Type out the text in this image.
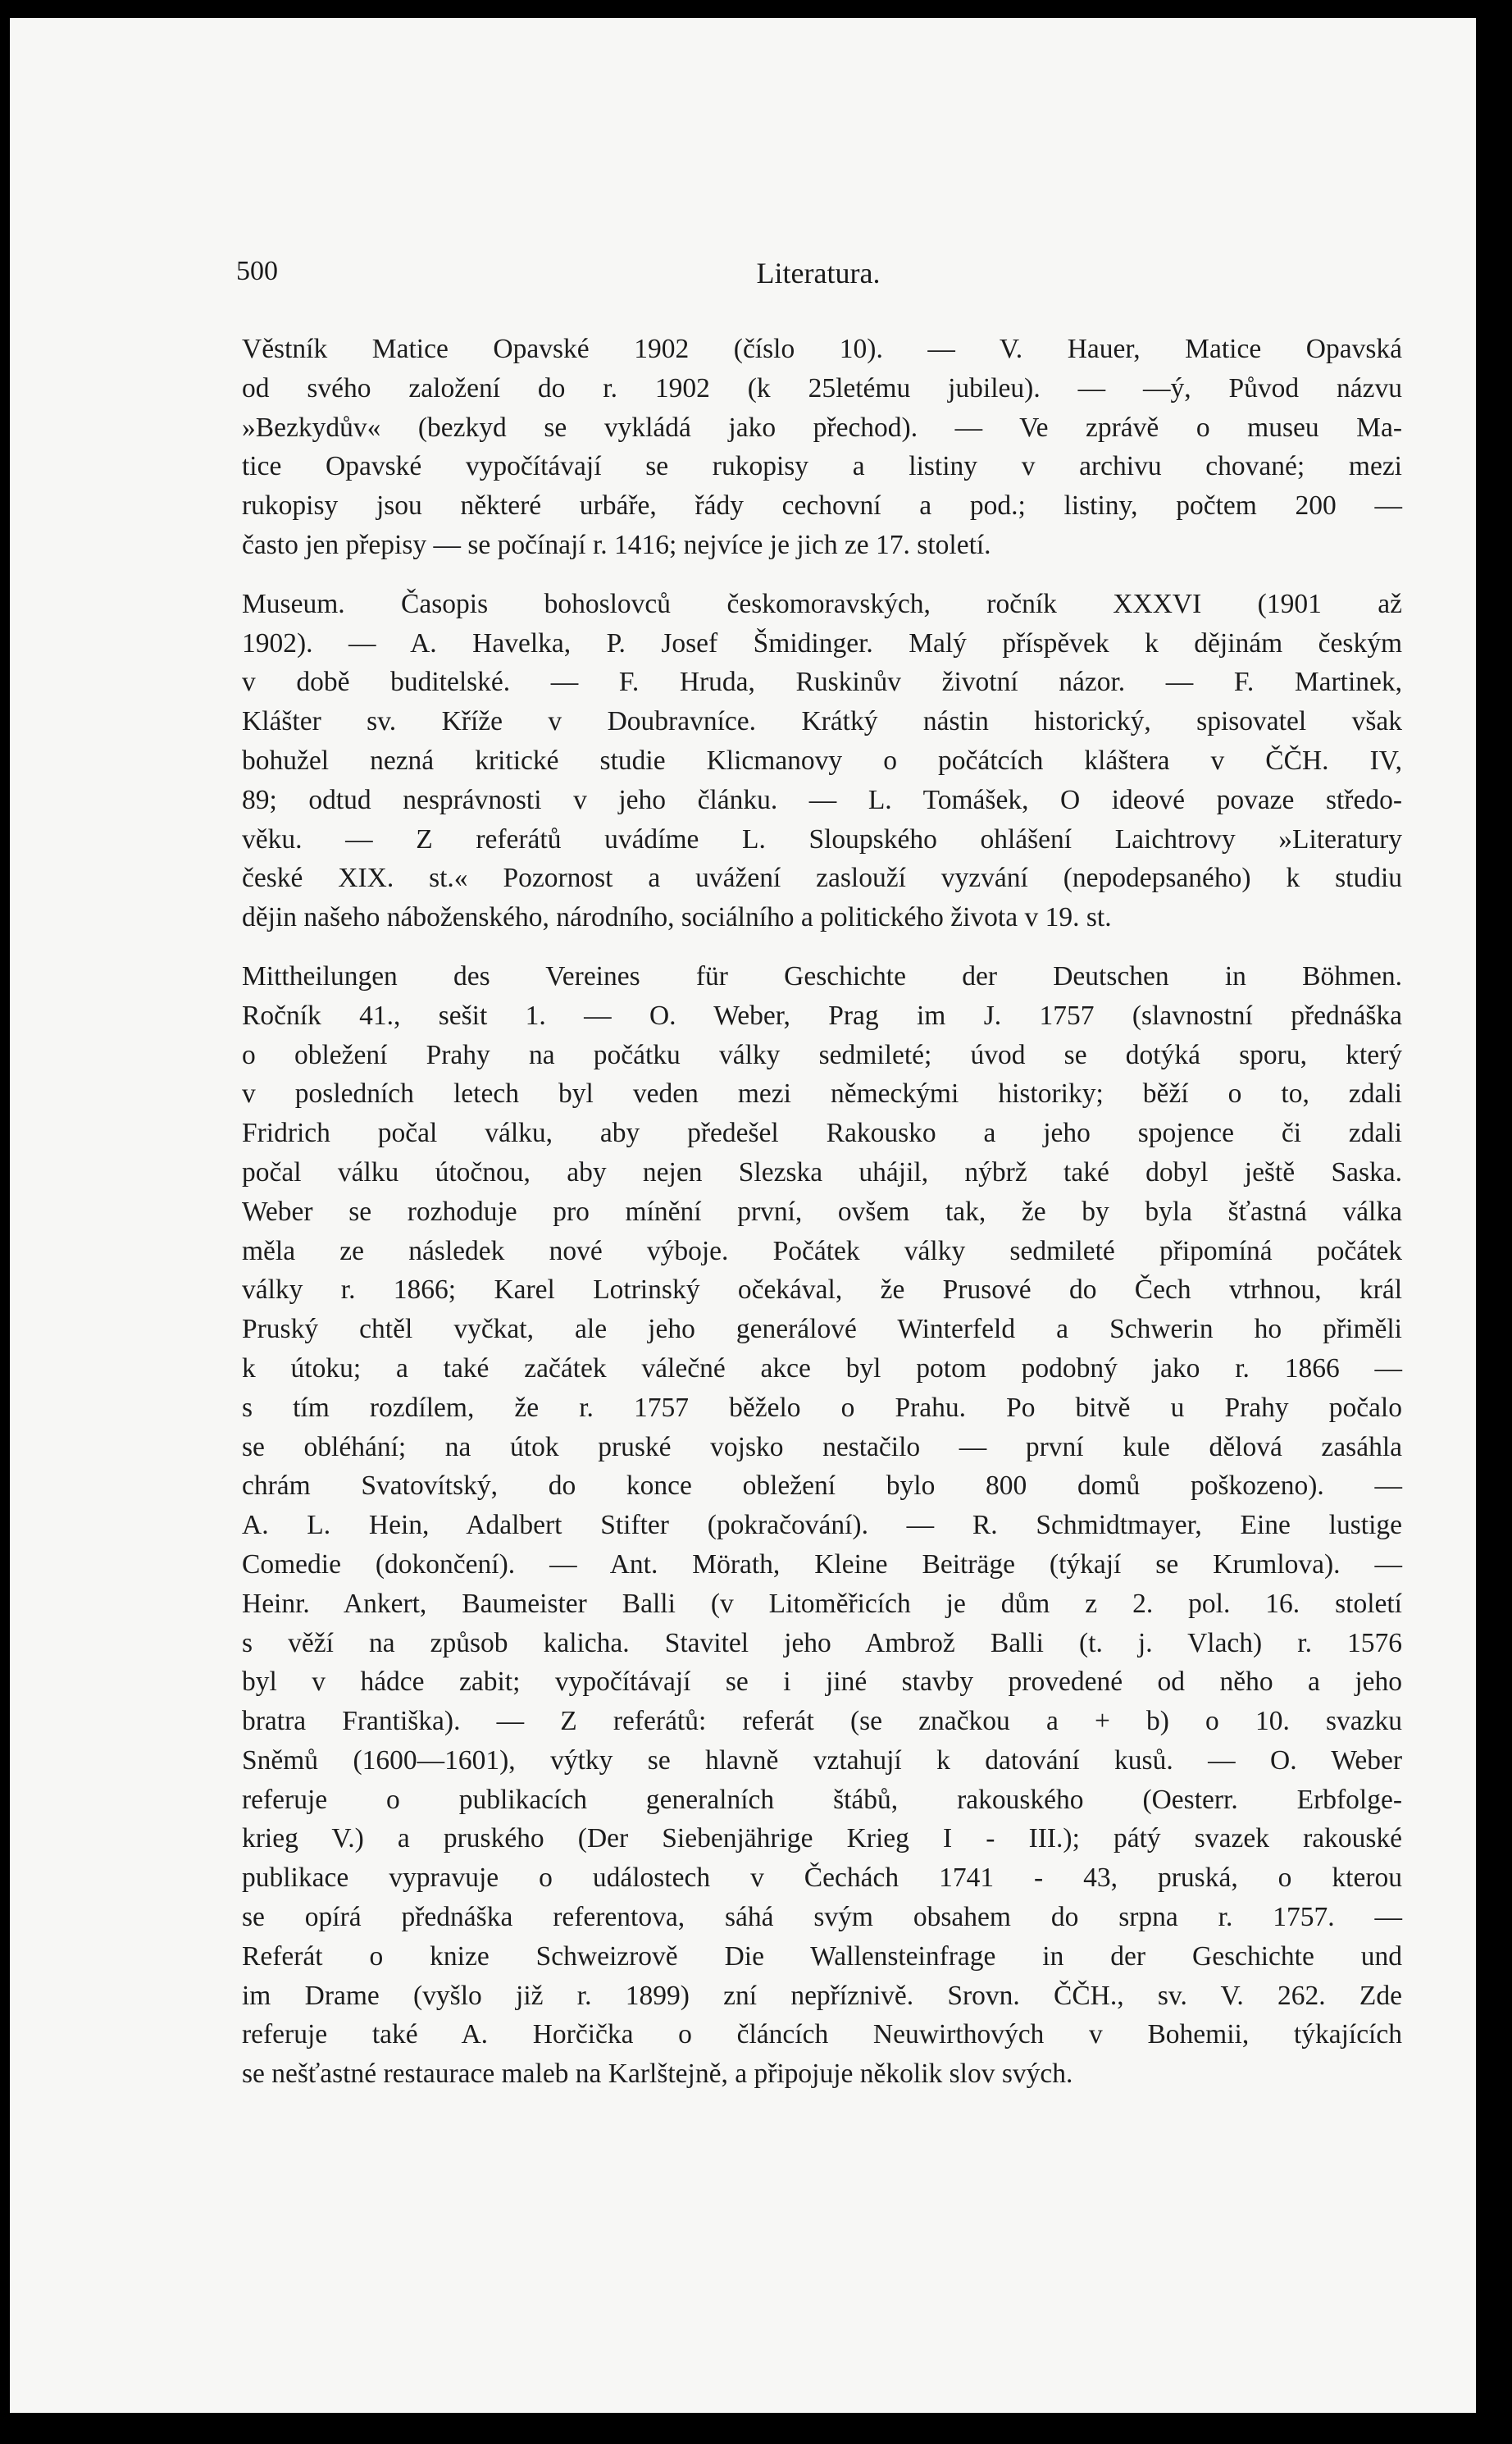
500	Literatura.
Věstník Matice Opavské 1902 (číslo 10). — V. Hauer, Matice Opavská
od svého založení do r. 1902 (k 25letému jubileu). — —ý, Původ názvu
»Bezkydův« (bezkyd se vykládá jako přechod). — Ve zprávě o museu Ma-
tice Opavské vypočítávají se rukopisy a listiny v archivu chované; mezi
rukopisy jsou některé urbáře, řády cechovní a pod.; listiny, počtem 200 —
často jen přepisy — se počínají r. 1416; nejvíce je jich ze 17. století.
Museum. Časopis bohoslovců českomoravských, ročník XXXVI (1901 až
1902). — A. Havelka, P. Josef Šmidinger. Malý příspěvek k dějinám českým
v době buditelské. — F. Hruda, Ruskinův životní názor. — F. Martinek,
Klášter sv. Kříže v Doubravníce. Krátký nástin historický, spisovatel však
bohužel nezná kritické studie Klicmanovy o počátcích kláštera v ČČH. IV,
89; odtud nesprávnosti v jeho článku. — L. Tomášek, O ideové povaze středo-
věku. — Z referátů uvádíme L. Sloupského ohlášení Laichtrovy »Literatury
české XIX. st.« Pozornost a uvážení zaslouží vyzvání (nepodepsaného) k studiu
dějin našeho náboženského, národního, sociálního a politického života v 19. st.
Mittheilungen des Vereines für Geschichte der Deutschen in Böhmen.
Ročník 41., sešit 1. — O. Weber, Prag im J. 1757 (slavnostní přednáška
o obležení Prahy na počátku války sedmileté; úvod se dotýká sporu, který
v posledních letech byl veden mezi německými historiky; běží o to, zdali
Fridrich počal válku, aby předešel Rakousko a jeho spojence či zdali
počal válku útočnou, aby nejen Slezska uhájil, nýbrž také dobyl ještě Saska.
Weber se rozhoduje pro mínění první, ovšem tak, že by byla šťastná válka
měla ze následek nové výboje. Počátek války sedmileté připomíná počátek
války r. 1866; Karel Lotrinský očekával, že Prusové do Čech vtrhnou, král
Pruský chtěl vyčkat, ale jeho generálové Winterfeld a Schwerin ho přiměli
k útoku; a také začátek válečné akce byl potom podobný jako r. 1866 —
s tím rozdílem, že r. 1757 běželo o Prahu. Po bitvě u Prahy počalo
se obléhání; na útok pruské vojsko nestačilo — první kule dělová zasáhla
chrám Svatovítský, do konce obležení bylo 800 domů poškozeno). —
A. L. Hein, Adalbert Stifter (pokračování). — R. Schmidtmayer, Eine lustige
Comedie (dokončení). — Ant. Mörath, Kleine Beiträge (týkají se Krumlova). —
Heinr. Ankert, Baumeister Balli (v Litoměřicích je dům z 2. pol. 16. století
s věží na způsob kalicha. Stavitel jeho Ambrož Balli (t. j. Vlach) r. 1576
byl v hádce zabit; vypočítávají se i jiné stavby provedené od něho a jeho
bratra Františka). — Z referátů: referát (se značkou a + b) o 10. svazku
Sněmů (1600—1601), výtky se hlavně vztahují k datování kusů. — O. Weber
referuje o publikacích generalních štábů, rakouského (Oesterr. Erbfolge-
krieg V.) a pruského (Der Siebenjährige Krieg I - III.); pátý svazek rakouské
publikace vypravuje o událostech v Čechách 1741 - 43, pruská, o kterou
se opírá přednáška referentova, sáhá svým obsahem do srpna r. 1757. —
Referát o knize Schweizrově Die Wallensteinfrage in der Geschichte und
im Drame (vyšlo již r. 1899) zní nepříznivě. Srovn. ČČH., sv. V. 262. Zde
referuje také A. Horčička o článcích Neuwirthových v Bohemii, týkajících
se nešťastné restaurace maleb na Karlštejně, a připojuje několik slov svých.
